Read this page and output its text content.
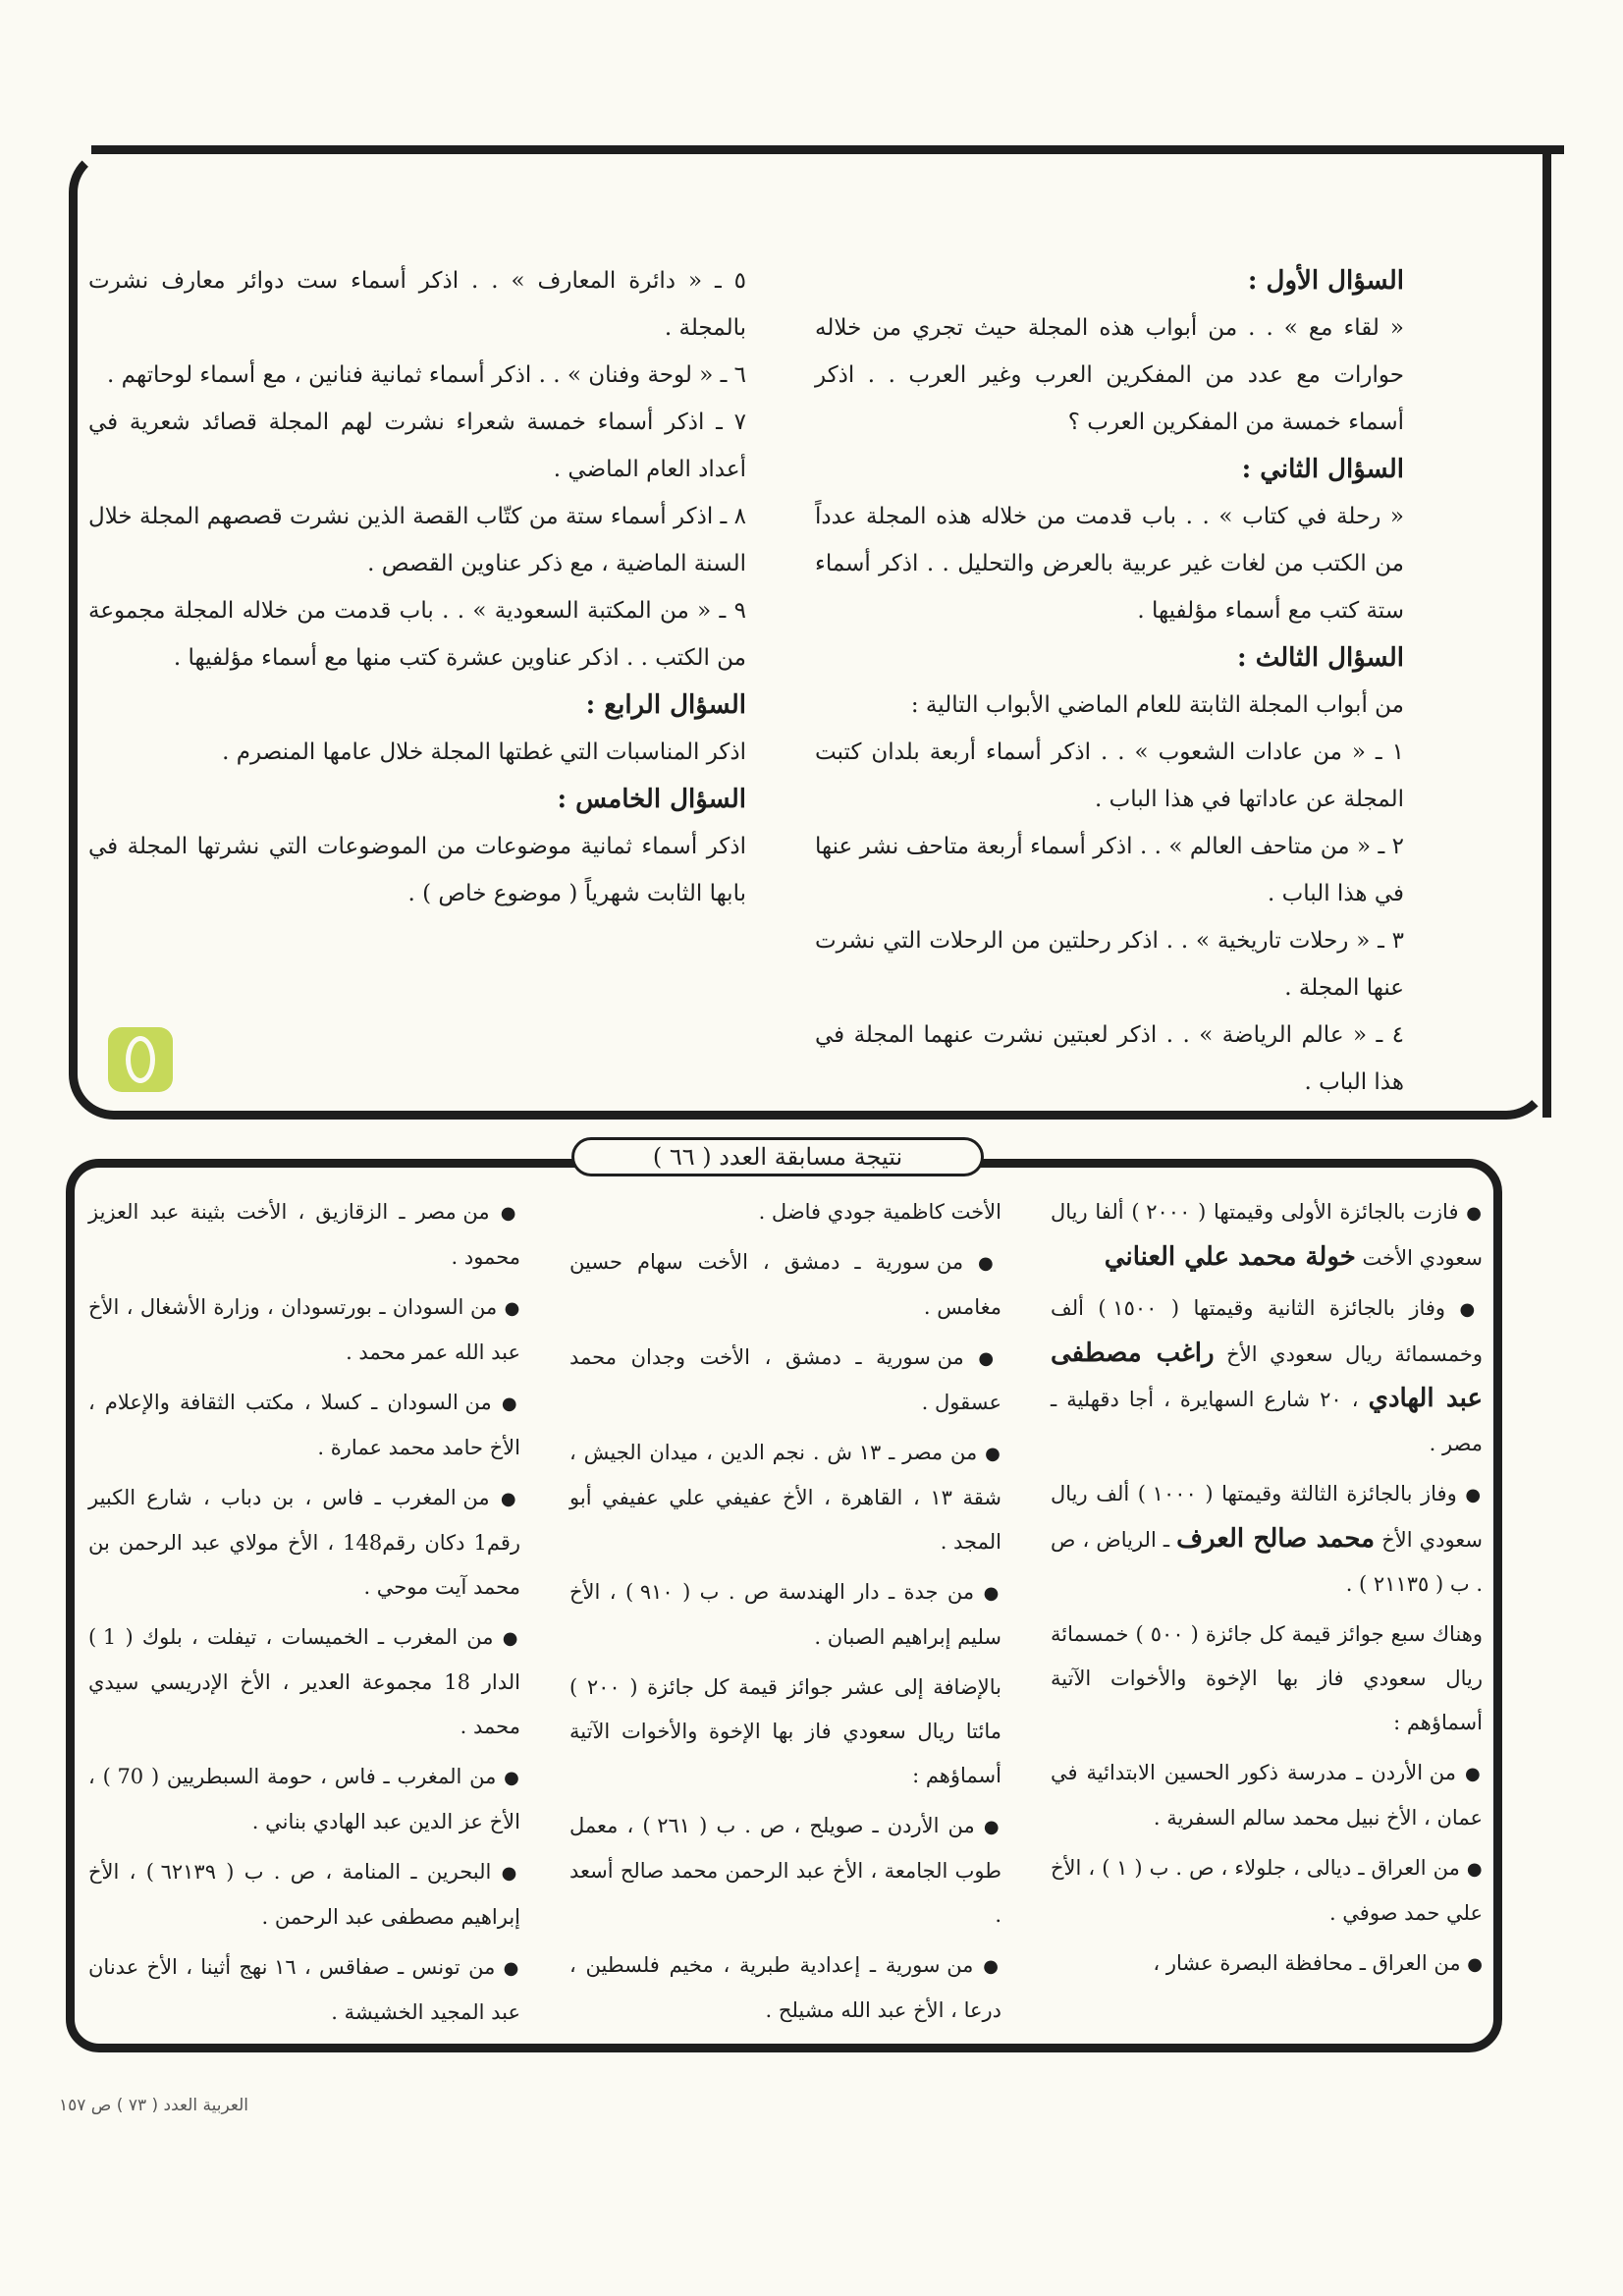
السؤال الأول :

« لقاء مع » . . من أبواب هذه المجلة حيث تجري من خلاله حوارات مع عدد من المفكرين العرب وغير العرب . . اذكر أسماء خمسة من المفكرين العرب ؟

السؤال الثاني :

« رحلة في كتاب » . . باب قدمت من خلاله هذه المجلة عدداً من الكتب من لغات غير عربية بالعرض والتحليل . . اذكر أسماء ستة كتب مع أسماء مؤلفيها .

السؤال الثالث :

من أبواب المجلة الثابتة للعام الماضي الأبواب التالية :

١ ـ « من عادات الشعوب » . . اذكر أسماء أربعة بلدان كتبت المجلة عن عاداتها في هذا الباب .

٢ ـ « من متاحف العالم » . . اذكر أسماء أربعة متاحف نشر عنها في هذا الباب .

٣ ـ « رحلات تاريخية » . . اذكر رحلتين من الرحلات التي نشرت عنها المجلة .

٤ ـ « عالم الرياضة » . . اذكر لعبتين نشرت عنهما المجلة في هذا الباب .

٥ ـ « دائرة المعارف » . . اذكر أسماء ست دوائر معارف نشرت بالمجلة .

٦ ـ « لوحة وفنان » . . اذكر أسماء ثمانية فنانين ، مع أسماء لوحاتهم .

٧ ـ اذكر أسماء خمسة شعراء نشرت لهم المجلة قصائد شعرية في أعداد العام الماضي .

٨ ـ اذكر أسماء ستة من كتّاب القصة الذين نشرت قصصهم المجلة خلال السنة الماضية ، مع ذكر عناوين القصص .

٩ ـ « من المكتبة السعودية » . . باب قدمت من خلاله المجلة مجموعة من الكتب . . اذكر عناوين عشرة كتب منها مع أسماء مؤلفيها .

السؤال الرابع :

اذكر المناسبات التي غطتها المجلة خلال عامها المنصرم .

السؤال الخامس :

اذكر أسماء ثمانية موضوعات من الموضوعات التي نشرتها المجلة في بابها الثابت شهرياً ( موضوع خاص ) .

نتيجة مسابقة العدد ( ٦٦ )

● فازت بالجائزة الأولى وقيمتها ( ٢٠٠٠ ) ألفا ريال سعودي الأخت خولة محمد علي العناني

● وفاز بالجائزة الثانية وقيمتها ( ١٥٠٠ ) ألف وخمسمائة ريال سعودي الأخ راغب مصطفى عبد الهادي ، ٢٠ شارع السهايرة ، أجا دقهلية ـ مصر .

● وفاز بالجائزة الثالثة وقيمتها ( ١٠٠٠ ) ألف ريال سعودي الأخ محمد صالح العرف ـ الرياض ، ص . ب ( ٢١١٣٥ ) .

وهناك سبع جوائز قيمة كل جائزة ( ٥٠٠ ) خمسمائة ريال سعودي فاز بها الإخوة والأخوات الآتية أسماؤهم :

● من الأردن ـ مدرسة ذكور الحسين الابتدائية في عمان ، الأخ نبيل محمد سالم السفرية .

● من العراق ـ ديالى ، جلولاء ، ص . ب ( ١ ) ، الأخ علي حمد صوفي .

● من العراق ـ محافظة البصرة عشار ،

الأخت كاظمية جودي فاضل .

● من سورية ـ دمشق ، الأخت سهام حسين مغامس .

● من سورية ـ دمشق ، الأخت وجدان محمد عسقول .

● من مصر ـ ١٣ ش . نجم الدين ، ميدان الجيش ، شقة ١٣ ، القاهرة ، الأخ عفيفي علي عفيفي أبو المجد .

● من جدة ـ دار الهندسة ص . ب ( ٩١٠ ) ، الأخ سليم إبراهيم الصبان .

بالإضافة إلى عشر جوائز قيمة كل جائزة ( ٢٠٠ ) مائتا ريال سعودي فاز بها الإخوة والأخوات الآتية أسماؤهم :

● من الأردن ـ صويلح ، ص . ب ( ٢٦١ ) ، معمل طوب الجامعة ، الأخ عبد الرحمن محمد صالح أسعد .

● من سورية ـ إعدادية طبرية ، مخيم فلسطين ، درعا ، الأخ عبد الله مشيلح .

● من مصر ـ الزقازيق ، الأخت بثينة عبد العزيز محمود .

● من السودان ـ بورتسودان ، وزارة الأشغال ، الأخ عبد الله عمر محمد .

● من السودان ـ كسلا ، مكتب الثقافة والإعلام ، الأخ حامد محمد عمارة .

● من المغرب ـ فاس ، بن دباب ، شارع الكبير رقم1 دكان رقم148 ، الأخ مولاي عبد الرحمن بن محمد آيت موحي .

● من المغرب ـ الخميسات ، تيفلت ، بلوك ( 1 ) الدار 18 مجموعة العدير ، الأخ الإدريسي سيدي محمد .

● من المغرب ـ فاس ، حومة السبطريين ( 70 ) ، الأخ عز الدين عبد الهادي بناني .

● البحرين ـ المنامة ، ص . ب ( ٦٢١٣٩ ) ، الأخ إبراهيم مصطفى عبد الرحمن .

● من تونس ـ صفاقس ، ١٦ نهج أثينا ، الأخ عدنان عبد المجيد الخشيشة .

العربية العدد ( ٧٣ ) ص ١٥٧
